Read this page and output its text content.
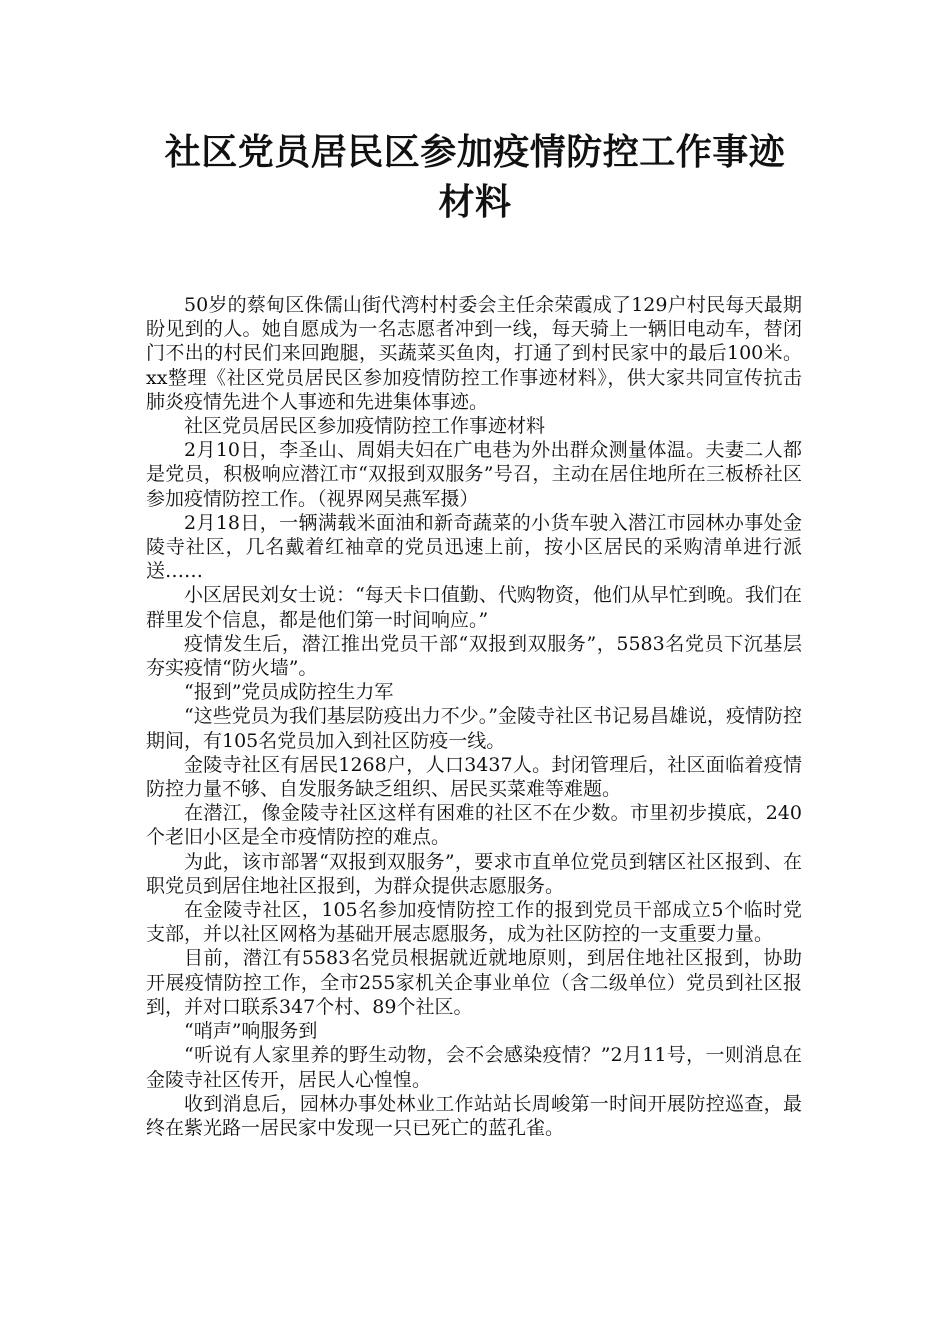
社区党员居民区参加疫情防控工作事迹
材料

50岁的蔡甸区侏儒山街代湾村村委会主任余荣霞成了129户村民每天最期盼见到的人。她自愿成为一名志愿者冲到一线，每天骑上一辆旧电动车，替闭门不出的村民们来回跑腿，买蔬菜买鱼肉，打通了到村民家中的最后100米。xx整理《社区党员居民区参加疫情防控工作事迹材料》，供大家共同宣传抗击肺炎疫情先进个人事迹和先进集体事迹。

社区党员居民区参加疫情防控工作事迹材料

2月10日，李圣山、周娟夫妇在广电巷为外出群众测量体温。夫妻二人都是党员，积极响应潜江市“双报到双服务”号召，主动在居住地所在三板桥社区参加疫情防控工作。（视界网吴燕军摄）

2月18日，一辆满载米面油和新奇蔬菜的小货车驶入潜江市园林办事处金陵寺社区，几名戴着红袖章的党员迅速上前，按小区居民的采购清单进行派送……

小区居民刘女士说：“每天卡口值勤、代购物资，他们从早忙到晚。我们在群里发个信息，都是他们第一时间响应。”

疫情发生后，潜江推出党员干部“双报到双服务”，5583名党员下沉基层夯实疫情“防火墙”。

“报到”党员成防控生力军

“这些党员为我们基层防疫出力不少。”金陵寺社区书记易昌雄说，疫情防控期间，有105名党员加入到社区防疫一线。

金陵寺社区有居民1268户，人口3437人。封闭管理后，社区面临着疫情防控力量不够、自发服务缺乏组织、居民买菜难等难题。

在潜江，像金陵寺社区这样有困难的社区不在少数。市里初步摸底，240个老旧小区是全市疫情防控的难点。

为此，该市部署“双报到双服务”，要求市直单位党员到辖区社区报到、在职党员到居住地社区报到，为群众提供志愿服务。

在金陵寺社区，105名参加疫情防控工作的报到党员干部成立5个临时党支部，并以社区网格为基础开展志愿服务，成为社区防控的一支重要力量。

目前，潜江有5583名党员根据就近就地原则，到居住地社区报到，协助开展疫情防控工作，全市255家机关企事业单位（含二级单位）党员到社区报到，并对口联系347个村、89个社区。

“哨声”响服务到

“听说有人家里养的野生动物，会不会感染疫情？”2月11号，一则消息在金陵寺社区传开，居民人心惶惶。

收到消息后，园林办事处林业工作站站长周峻第一时间开展防控巡查，最终在紫光路一居民家中发现一只已死亡的蓝孔雀。
